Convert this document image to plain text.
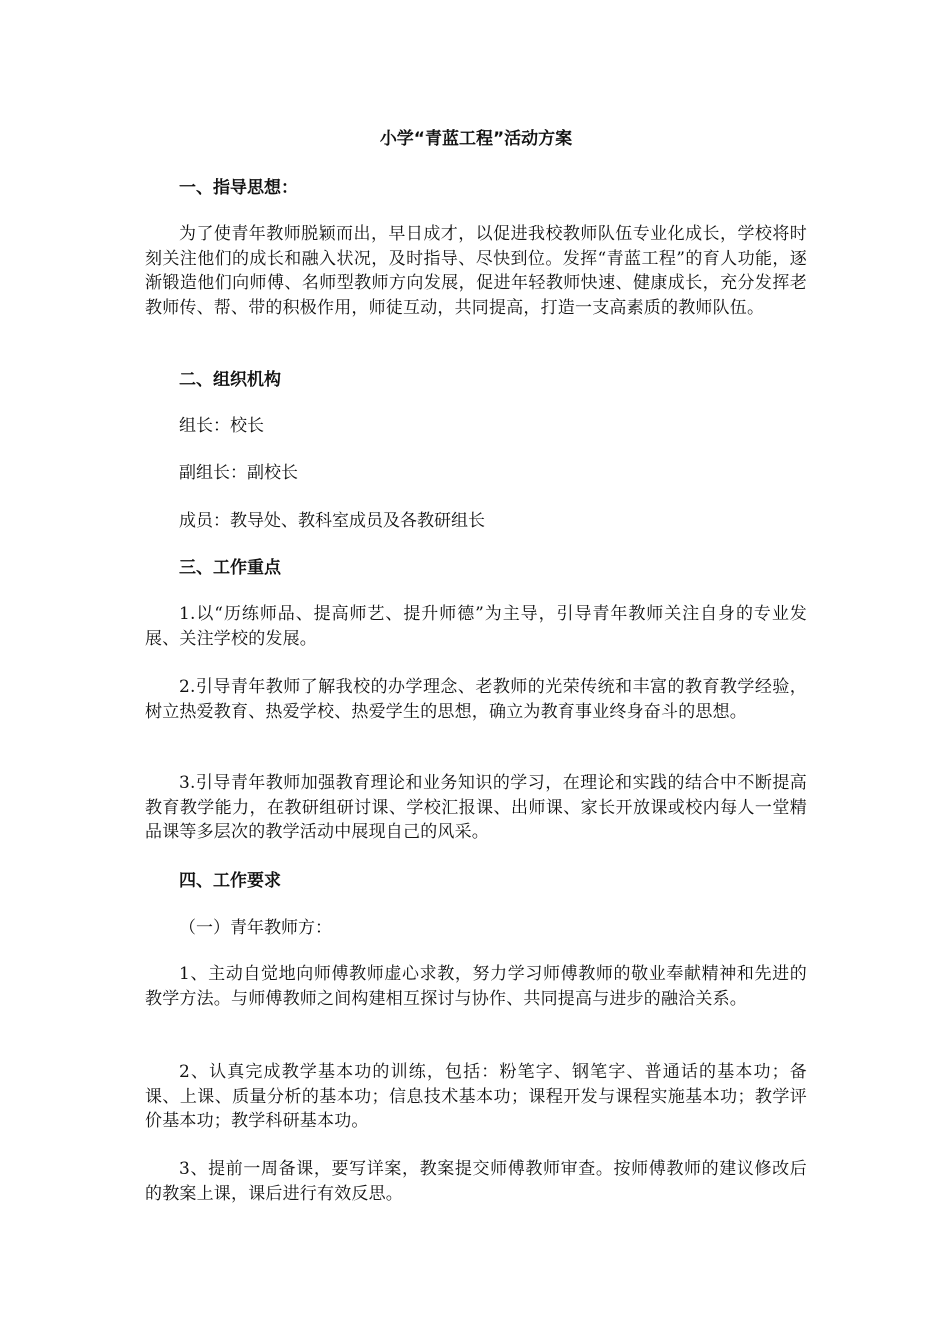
小学“青蓝工程”活动方案
一、指导思想：
为了使青年教师脱颖而出，早日成才，以促进我校教师队伍专业化成长，学校将时刻关注他们的成长和融入状况，及时指导、尽快到位。发挥“青蓝工程”的育人功能，逐渐锻造他们向师傅、名师型教师方向发展，促进年轻教师快速、健康成长，充分发挥老教师传、帮、带的积极作用，师徒互动，共同提高，打造一支高素质的教师队伍。
二、组织机构
组长：校长
副组长：副校长
成员：教导处、教科室成员及各教研组长
三、工作重点
1.以“历练师品、提高师艺、提升师德”为主导，引导青年教师关注自身的专业发展、关注学校的发展。
2.引导青年教师了解我校的办学理念、老教师的光荣传统和丰富的教育教学经验，树立热爱教育、热爱学校、热爱学生的思想，确立为教育事业终身奋斗的思想。
3.引导青年教师加强教育理论和业务知识的学习，在理论和实践的结合中不断提高教育教学能力，在教研组研讨课、学校汇报课、出师课、家长开放课或校内每人一堂精品课等多层次的教学活动中展现自己的风采。
四、工作要求
（一）青年教师方：
1、主动自觉地向师傅教师虚心求教，努力学习师傅教师的敬业奉献精神和先进的教学方法。与师傅教师之间构建相互探讨与协作、共同提高与进步的融洽关系。
2、认真完成教学基本功的训练，包括：粉笔字、钢笔字、普通话的基本功；备课、上课、质量分析的基本功；信息技术基本功；课程开发与课程实施基本功；教学评价基本功；教学科研基本功。
3、提前一周备课，要写详案，教案提交师傅教师审查。按师傅教师的建议修改后的教案上课，课后进行有效反思。
